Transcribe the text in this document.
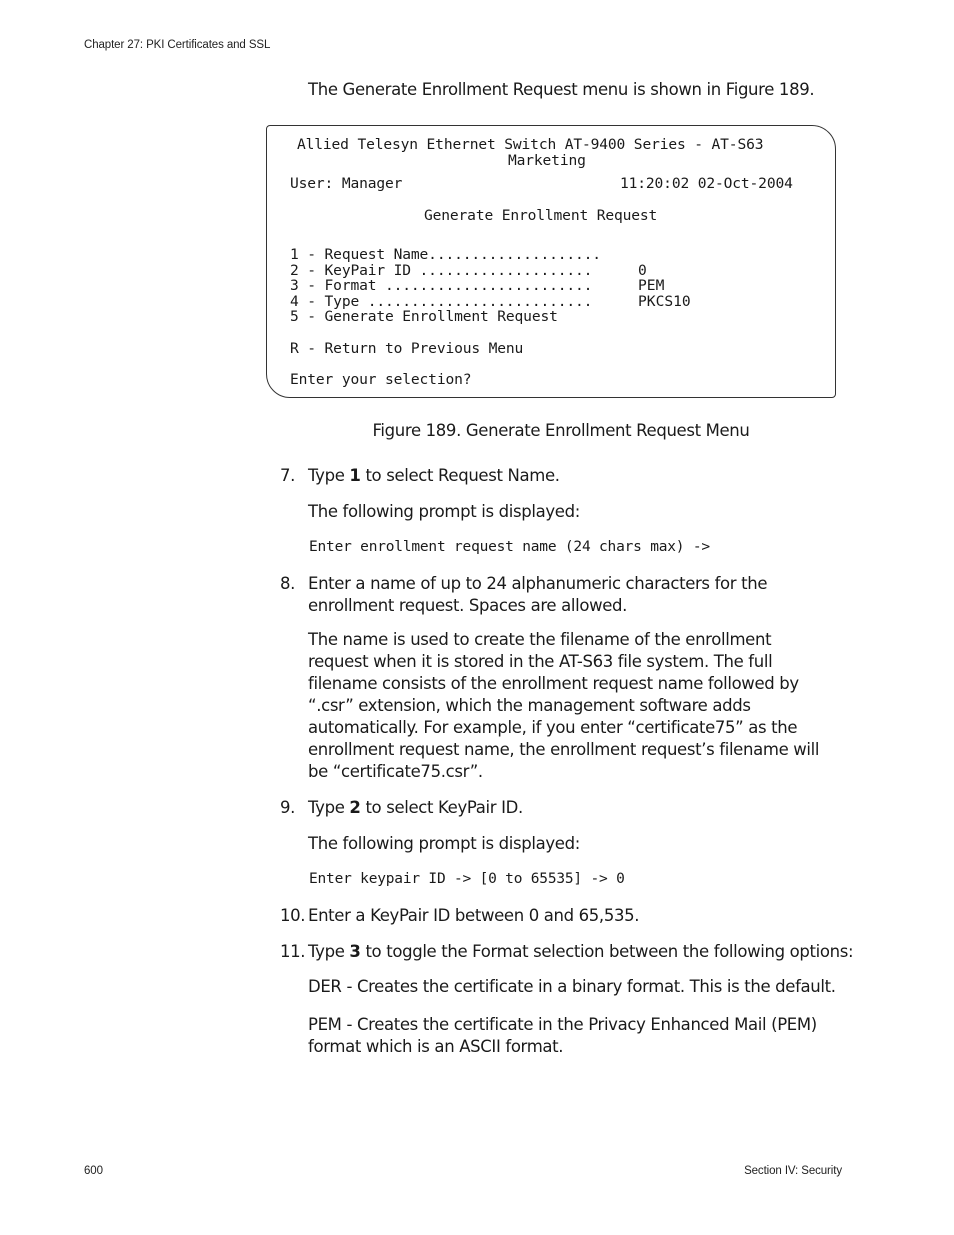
Chapter 27: PKI Certificates and SSL
The Generate Enrollment Request menu is shown in Figure 189.
Allied Telesyn Ethernet Switch AT-9400 Series - AT-S63
Marketing
User: Manager	11:20:02 02-Oct-2004
Generate Enrollment Request
1 - Request Name....................
2 - KeyPair ID ....................	0
3 - Format ........................	PEM
4 - Type ..........................	PKCS10
5 - Generate Enrollment Request
R - Return to Previous Menu
Enter your selection?
Figure 189. Generate Enrollment Request Menu
7. Type 1 to select Request Name.
The following prompt is displayed:
Enter enrollment request name (24 chars max) ->
8. Enter a name of up to 24 alphanumeric characters for the enrollment request. Spaces are allowed.
The name is used to create the filename of the enrollment request when it is stored in the AT-S63 file system. The full filename consists of the enrollment request name followed by “.csr” extension, which the management software adds automatically. For example, if you enter “certificate75” as the enrollment request name, the enrollment request’s filename will be “certificate75.csr”.
9. Type 2 to select KeyPair ID.
The following prompt is displayed:
Enter keypair ID -> [0 to 65535] -> 0
10. Enter a KeyPair ID between 0 and 65,535.
11. Type 3 to toggle the Format selection between the following options:
DER - Creates the certificate in a binary format. This is the default.
PEM - Creates the certificate in the Privacy Enhanced Mail (PEM) format which is an ASCII format.
600	Section IV: Security
